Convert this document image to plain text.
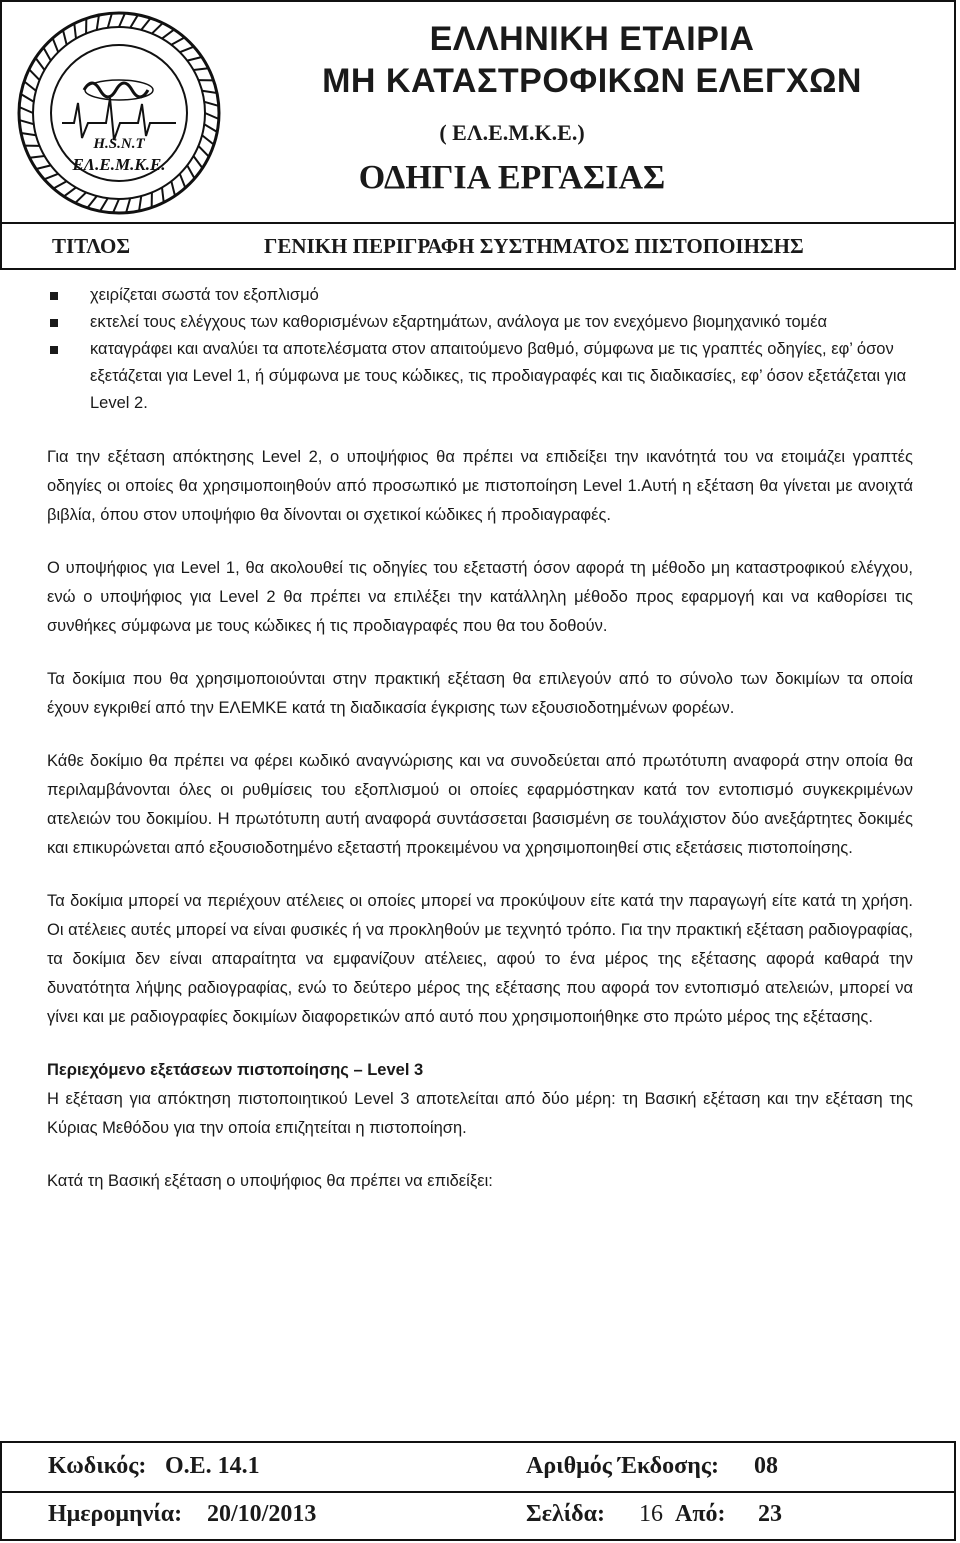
H.S.N.T
ΕΛ.Ε.Μ.Κ.Ε.
ΕΛΛΗΝΙΚΗ ΕΤΑΙΡΙΑ
ΜΗ ΚΑΤΑΣΤΡΟΦΙΚΩΝ ΕΛΕΓΧΩΝ
( ΕΛ.Ε.Μ.Κ.Ε.)
ΟΔΗΓΙΑ ΕΡΓΑΣΙΑΣ
ΤΙΤΛΟΣ	ΓΕΝΙΚΗ ΠΕΡΙΓΡΑΦΗ ΣΥΣΤΗΜΑΤΟΣ ΠΙΣΤΟΠΟΙΗΣΗΣ
χειρίζεται σωστά τον εξοπλισμό
εκτελεί τους ελέγχους των καθορισμένων εξαρτημάτων, ανάλογα με τον ενεχόμενο βιομηχανικό τομέα
καταγράφει και αναλύει τα αποτελέσματα στον απαιτούμενο βαθμό, σύμφωνα με τις γραπτές οδηγίες, εφ’ όσον εξετάζεται για Level 1, ή σύμφωνα με τους κώδικες, τις προδιαγραφές και τις διαδικασίες, εφ’ όσον εξετάζεται για Level 2.

Για την εξέταση απόκτησης Level 2, ο υποψήφιος θα πρέπει να επιδείξει την ικανότητά του να ετοιμάζει γραπτές οδηγίες οι οποίες θα χρησιμοποιηθούν από προσωπικό με πιστοποίηση Level 1.Αυτή η εξέταση θα γίνεται με ανοιχτά βιβλία, όπου στον υποψήφιο θα δίνονται οι σχετικοί κώδικες ή προδιαγραφές.

Ο υποψήφιος για Level 1, θα ακολουθεί τις οδηγίες του εξεταστή όσον αφορά τη μέθοδο μη καταστροφικού ελέγχου, ενώ ο υποψήφιος για Level 2 θα πρέπει να επιλέξει την κατάλληλη μέθοδο προς εφαρμογή και να καθορίσει τις συνθήκες σύμφωνα με τους κώδικες ή τις προδιαγραφές που θα του δοθούν.

Τα δοκίμια που θα χρησιμοποιούνται στην πρακτική εξέταση θα επιλεγούν από το σύνολο των δοκιμίων τα οποία έχουν εγκριθεί από την ΕΛΕΜΚΕ κατά τη διαδικασία έγκρισης των εξουσιοδοτημένων φορέων.

Κάθε δοκίμιο θα πρέπει να φέρει κωδικό αναγνώρισης και να συνοδεύεται από πρωτότυπη αναφορά στην οποία θα περιλαμβάνονται όλες οι ρυθμίσεις του εξοπλισμού οι οποίες εφαρμόστηκαν κατά τον εντοπισμό συγκεκριμένων ατελειών του δοκιμίου. Η πρωτότυπη αυτή αναφορά συντάσσεται βασισμένη σε τουλάχιστον δύο ανεξάρτητες δοκιμές και επικυρώνεται από εξουσιοδοτημένο εξεταστή προκειμένου να χρησιμοποιηθεί στις εξετάσεις πιστοποίησης.

Τα δοκίμια μπορεί να περιέχουν ατέλειες οι οποίες μπορεί να προκύψουν είτε κατά την παραγωγή είτε κατά τη χρήση. Οι ατέλειες αυτές μπορεί να είναι φυσικές ή να προκληθούν με τεχνητό τρόπο. Για την πρακτική εξέταση ραδιογραφίας, τα δοκίμια δεν είναι απαραίτητα να εμφανίζουν ατέλειες, αφού το ένα μέρος της εξέτασης αφορά καθαρά την δυνατότητα λήψης ραδιογραφίας, ενώ το δεύτερο μέρος της εξέτασης που αφορά τον εντοπισμό ατελειών, μπορεί να γίνει και με ραδιογραφίες δοκιμίων διαφορετικών από αυτό που χρησιμοποιήθηκε στο πρώτο μέρος της εξέτασης.

Περιεχόμενο εξετάσεων πιστοποίησης – Level 3

Η εξέταση για απόκτηση πιστοποιητικού Level 3 αποτελείται από δύο μέρη: τη Βασική εξέταση και την εξέταση της Κύριας Μεθόδου για την οποία επιζητείται η πιστοποίηση.

Κατά τη Βασική εξέταση ο υποψήφιος θα πρέπει να επιδείξει:

Κωδικός: Ο.Ε. 14.1	Αριθμός Έκδοσης: 08
Ημερομηνία: 20/10/2013	Σελίδα: 16 Από: 23
